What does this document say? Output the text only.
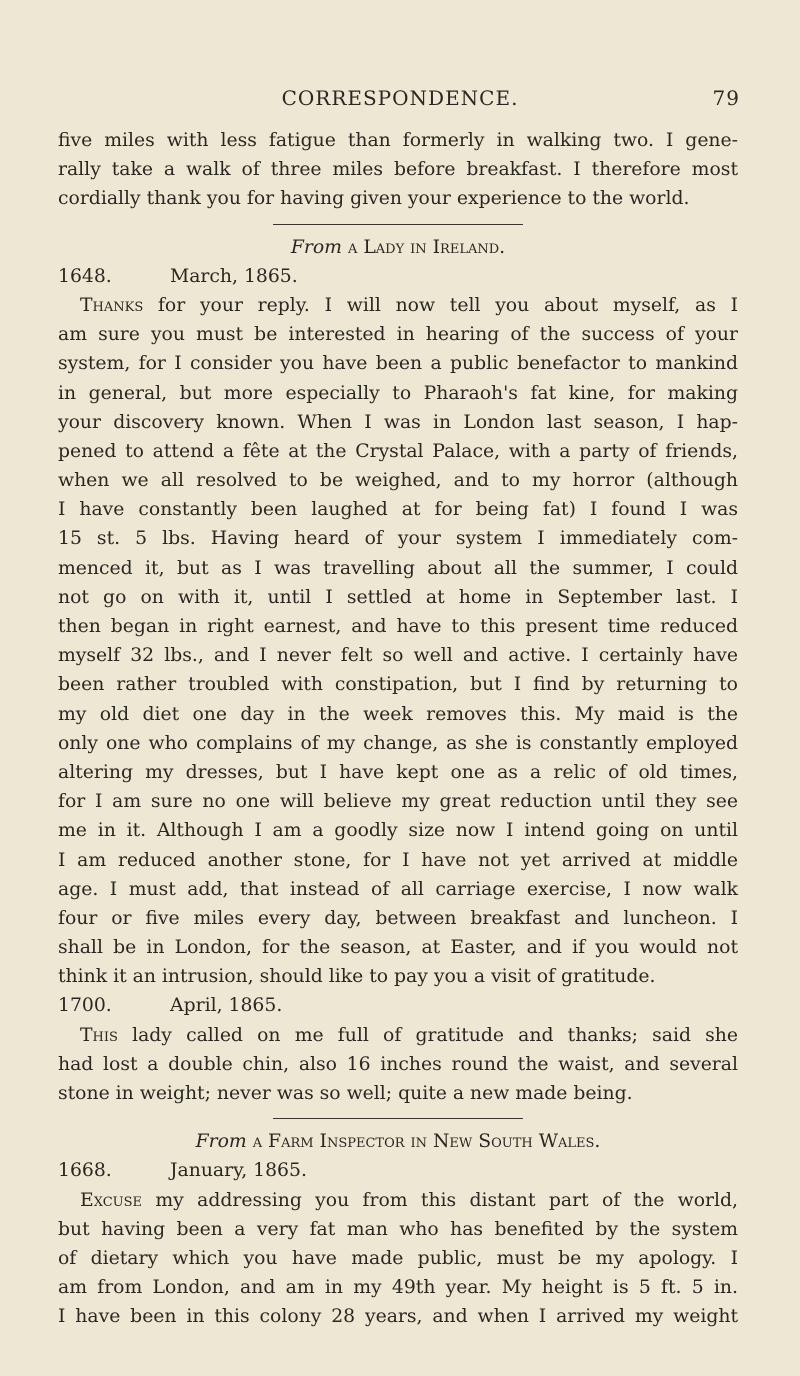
CORRESPONDENCE.	79
five miles with less fatigue than formerly in walking two. I gene-
rally take a walk of three miles before breakfast. I therefore most
cordially thank you for having given your experience to the world.
From a Lady in Ireland.
1648.	March, 1865.
Thanks for your reply. I will now tell you about myself, as I
am sure you must be interested in hearing of the success of your
system, for I consider you have been a public benefactor to mankind
in general, but more especially to Pharaoh's fat kine, for making
your discovery known. When I was in London last season, I hap-
pened to attend a fête at the Crystal Palace, with a party of friends,
when we all resolved to be weighed, and to my horror (although
I have constantly been laughed at for being fat) I found I was
15 st. 5 lbs. Having heard of your system I immediately com-
menced it, but as I was travelling about all the summer, I could
not go on with it, until I settled at home in September last. I
then began in right earnest, and have to this present time reduced
myself 32 lbs., and I never felt so well and active. I certainly have
been rather troubled with constipation, but I find by returning to
my old diet one day in the week removes this. My maid is the
only one who complains of my change, as she is constantly employed
altering my dresses, but I have kept one as a relic of old times,
for I am sure no one will believe my great reduction until they see
me in it. Although I am a goodly size now I intend going on until
I am reduced another stone, for I have not yet arrived at middle
age. I must add, that instead of all carriage exercise, I now walk
four or five miles every day, between breakfast and luncheon. I
shall be in London, for the season, at Easter, and if you would not
think it an intrusion, should like to pay you a visit of gratitude.
1700.	April, 1865.
This lady called on me full of gratitude and thanks; said she
had lost a double chin, also 16 inches round the waist, and several
stone in weight; never was so well; quite a new made being.
From a Farm Inspector in New South Wales.
1668.	January, 1865.
Excuse my addressing you from this distant part of the world,
but having been a very fat man who has benefited by the system
of dietary which you have made public, must be my apology. I
am from London, and am in my 49th year. My height is 5 ft. 5 in.
I have been in this colony 28 years, and when I arrived my weight
